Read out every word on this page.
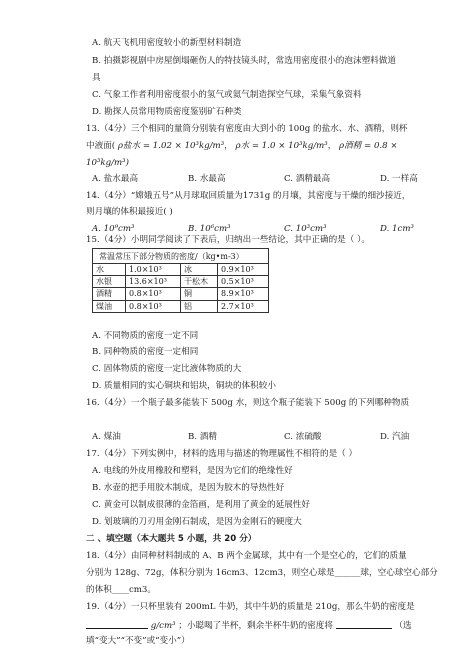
A. 航天飞机用密度较小的新型材料制造
B. 拍摄影视剧中房屋倒塌砸伤人的特技镜头时，常选用密度很小的泡沫塑料做道
具
C. 气象工作者利用密度很小的氢气或氦气制造探空气球，采集气象资料
D. 勘探人员常用物质密度鉴别矿石种类
13.（4分）三个相同的量筒分别装有密度由大到小的 100g 的盐水、水、酒精，则杯
中液面( ρ盐水 = 1.02 × 10³kg/m³， ρ水 = 1.0 × 10³kg/m³， ρ酒精 = 0.8 ×
10³kg/m³)
A. 盐水最高	B. 水最高	C. 酒精最高	D. 一样高
14.（4分）“嫦娥五号”从月球取回质量为1731g 的月壤，其密度与干燥的细沙接近，
则月壤的体积最接近( )
A. 10⁹cm³	B. 10⁶cm³	C. 10³cm³	D. 1cm³
15.（4分）小明同学阅读了下表后，归纳出一些结论，其中正确的是（ ）。
常温常压下部分物质的密度/（kg•m-3）			
水	1.0×10³	冰	0.9×10³
水银	13.6×10³	干松木	0.5×10³
酒精	0.8×10³	铜	8.9×10³
煤油	0.8×10³	铝	2.7×10³
A. 不同物质的密度一定不同
B. 同种物质的密度一定相同
C. 固体物质的密度一定比液体物质的大
D. 质量相同的实心铜块和铝块，铜块的体积较小
16.（4分）一个瓶子最多能装下 500g 水，则这个瓶子能装下 500g 的下列哪种物质
A. 煤油	B. 酒精	C. 浓硫酸	D. 汽油
17.（4分）下列实例中，材料的选用与描述的物理属性不相符的是（ ）
A. 电线的外皮用橡胶和塑料，是因为它们的绝缘性好
B. 水壶的把手用胶木制成，是因为胶木的导热性好
C. 黄金可以制成很薄的金箔画，是利用了黄金的延展性好
D. 划玻璃的刀刃用金刚石制成，是因为金刚石的硬度大
二 、填空题（本大题共 5 小题，共 20 分）
18.（4分）由同种材料制成的 A、B 两个金属球，其中有一个是空心的，它们的质量
分别为 128g、72g，体积分别为 16cm3、12cm3，则空心球是______球，空心球空心部分
的体积____cm3。
19.（4分）一只杯里装有 200mL 牛奶，其中牛奶的质量是 210g，那么牛奶的密度是
g/cm³ ；小聪喝了半杯，剩余半杯牛奶的密度将	（选
填“变大”“不变”或“变小”）
